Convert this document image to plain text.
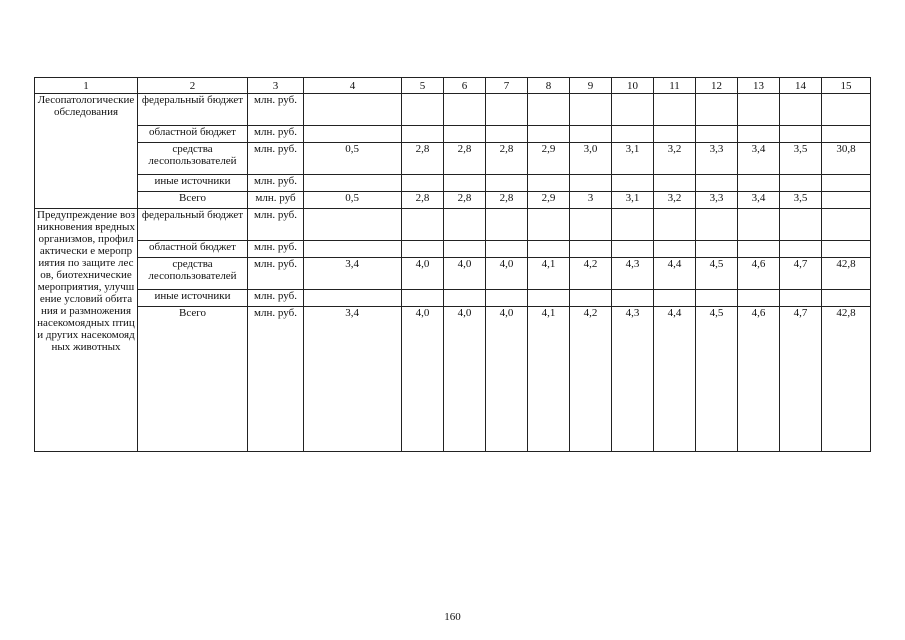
1	2	3	4	5	6	7	8	9	10	11	12	13	14	15
Лесопатологические обследования	федеральный бюджет	млн. руб.												
	областной бюджет	млн. руб.												
	средства лесопользователей	млн. руб.	0,5	2,8	2,8	2,8	2,9	3,0	3,1	3,2	3,3	3,4	3,5	30,8
	иные источники	млн. руб.												
	Всего	млн. руб	0,5	2,8	2,8	2,8	2,9	3	3,1	3,2	3,3	3,4	3,5	
Предупреждение возникновения вредных организмов, профилактически е мероприятия по защите лесов, биотехнические мероприятия, улучшение условий обитания и размножения насекомоядных птиц и других насекомоядных животных	федеральный бюджет	млн. руб.												
	областной бюджет	млн. руб.												
	средства лесопользователей	млн. руб.	3,4	4,0	4,0	4,0	4,1	4,2	4,3	4,4	4,5	4,6	4,7	42,8
	иные источники	млн. руб.												
	Всего	млн. руб.	3,4	4,0	4,0	4,0	4,1	4,2	4,3	4,4	4,5	4,6	4,7	42,8
160
